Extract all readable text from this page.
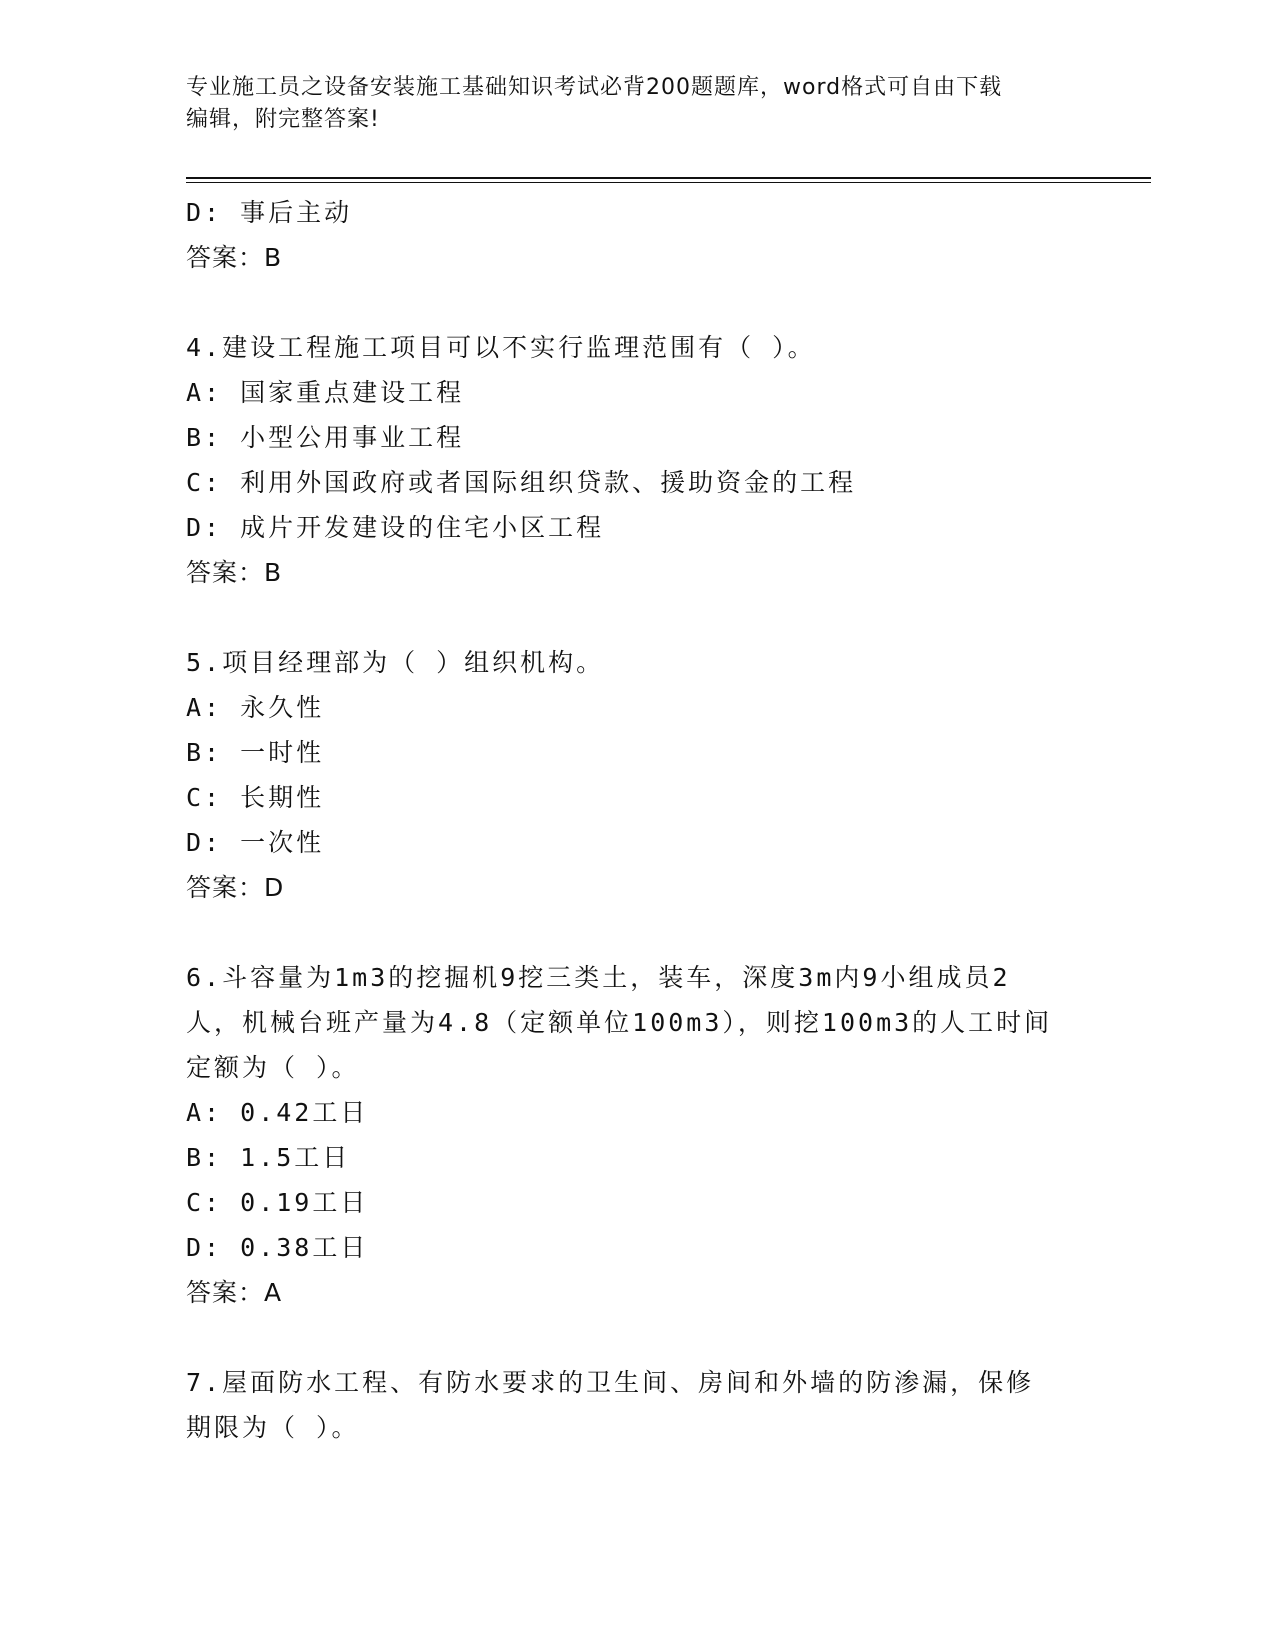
专业施工员之设备安装施工基础知识考试必背200题题库，word格式可自由下载
编辑，附完整答案!
D: 事后主动
答案：B
4.建设工程施工项目可以不实行监理范围有（ ）。
A: 国家重点建设工程
B: 小型公用事业工程
C: 利用外国政府或者国际组织贷款、援助资金的工程
D: 成片开发建设的住宅小区工程
答案：B
5.项目经理部为（ ）组织机构。
A: 永久性
B: 一时性
C: 长期性
D: 一次性
答案：D
6.斗容量为1m3的挖掘机9挖三类土，装车，深度3m内9小组成员2
人，机械台班产量为4.8（定额单位100m3），则挖100m3的人工时间
定额为（ ）。
A: 0.42工日
B: 1.5工日
C: 0.19工日
D: 0.38工日
答案：A
7.屋面防水工程、有防水要求的卫生间、房间和外墙的防渗漏，保修
期限为（ ）。
